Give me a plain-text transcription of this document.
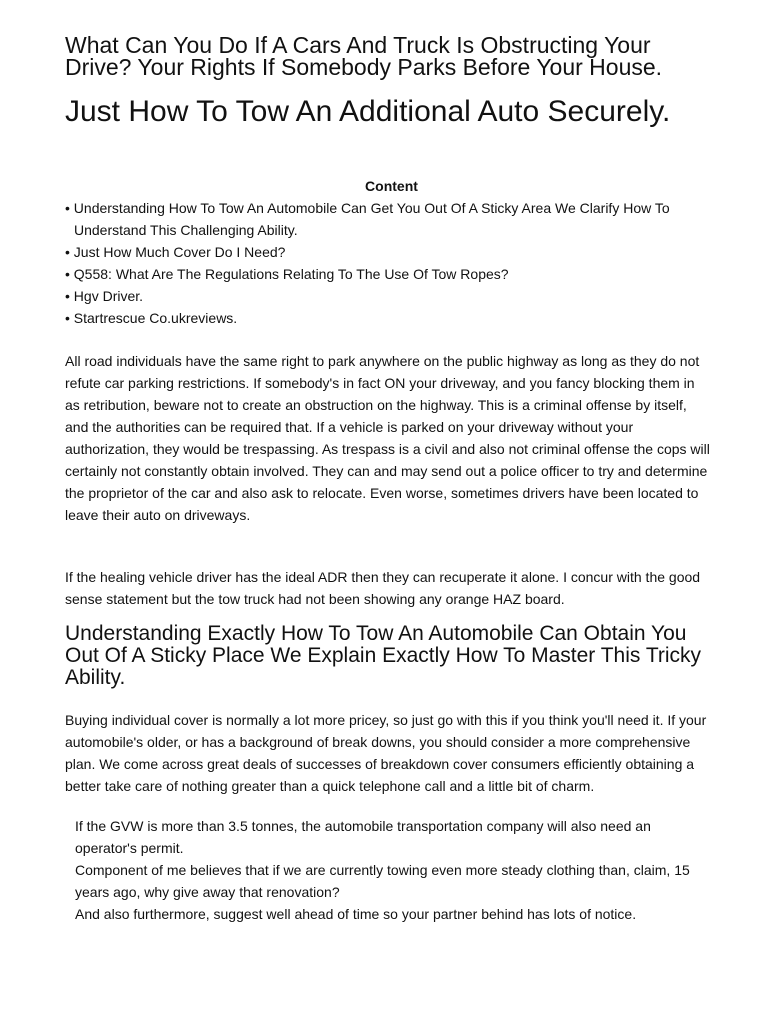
What Can You Do If A Cars And Truck Is Obstructing Your Drive? Your Rights If Somebody Parks Before Your House.
Just How To Tow An Additional Auto Securely.
Content
• Understanding How To Tow An Automobile Can Get You Out Of A Sticky Area We Clarify How To Understand This Challenging Ability.
• Just How Much Cover Do I Need?
• Q558: What Are The Regulations Relating To The Use Of Tow Ropes?
• Hgv Driver.
• Startrescue Co.ukreviews.

All road individuals have the same right to park anywhere on the public highway as long as they do not refute car parking restrictions. If somebody's in fact ON your driveway, and you fancy blocking them in as retribution, beware not to create an obstruction on the highway. This is a criminal offense by itself, and the authorities can be required that. If a vehicle is parked on your driveway without your authorization, they would be trespassing. As trespass is a civil and also not criminal offense the cops will certainly not constantly obtain involved. They can and may send out a police officer to try and determine the proprietor of the car and also ask to relocate. Even worse, sometimes drivers have been located to leave their auto on driveways.

If the healing vehicle driver has the ideal ADR then they can recuperate it alone. I concur with the good sense statement but the tow truck had not been showing any orange HAZ board.

Understanding Exactly How To Tow An Automobile Can Obtain You Out Of A Sticky Place We Explain Exactly How To Master This Tricky Ability.

Buying individual cover is normally a lot more pricey, so just go with this if you think you'll need it. If your automobile's older, or has a background of break downs, you should consider a more comprehensive plan. We come across great deals of successes of breakdown cover consumers efficiently obtaining a better take care of nothing greater than a quick telephone call and a little bit of charm.

If the GVW is more than 3.5 tonnes, the automobile transportation company will also need an operator's permit.
Component of me believes that if we are currently towing even more steady clothing than, claim, 15 years ago, why give away that renovation?
And also furthermore, suggest well ahead of time so your partner behind has lots of notice.
